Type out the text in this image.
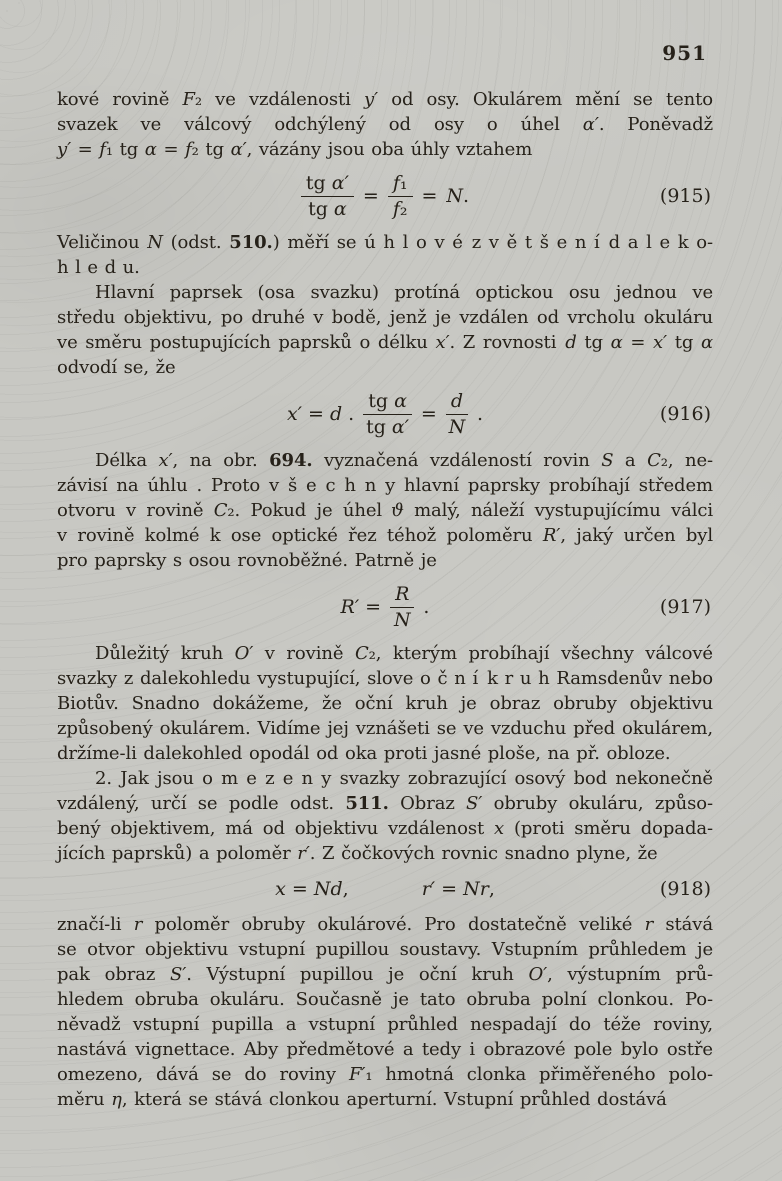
951
kové rovině F₂ ve vzdálenosti y′ od osy. Okulárem mění se tento
svazek ve válcový odchýlený od osy o úhel α′. Poněvadž
y′ = f₁ tg α = f₂ tg α′, vázány jsou oba úhly vztahem
$\frac{\text{tg α′}}{\text{tg α}} = \frac{\text{f₁}}{\text{f₂}} = N$.	(915)
Veličinou N (odst. 510.) měří se ú h l o v é z v ě t š e n í d a l e k o-
h l e d u.
Hlavní paprsek (osa svazku) protíná optickou osu jednou ve
středu objektivu, po druhé v bodě, jenž je vzdálen od vrcholu okuláru
ve směru postupujících paprsků o délku x′. Z rovnosti d tg α = x′ tg α
odvodí se, že
x′ = d . $\frac{\text{tg α}}{\text{tg α′}} = \frac{d}{N}$ .	(916)
Délka x′, na obr. 694. vyznačená vzdáleností rovin S a C₂, ne-
závisí na úhlu . Proto v š e c h n y hlavní paprsky probíhají středem
otvoru v rovině C₂. Pokud je úhel ϑ malý, náleží vystupujícímu válci
v rovině kolmé k ose optické řez téhož poloměru R′, jaký určen byl
pro paprsky s osou rovnoběžné. Patrně je
$R' = \frac{R}{N}$ .	(917)
Důležitý kruh O′ v rovině C₂, kterým probíhají všechny válcové
svazky z dalekohledu vystupující, slove o č n í k r u h Ramsdenův nebo
Biotův. Snadno dokážeme, že oční kruh je obraz obruby objektivu
způsobený okulárem. Vidíme jej vznášeti se ve vzduchu před okulárem,
držíme-li dalekohled opodál od oka proti jasné ploše, na př. obloze.
2. Jak jsou o m e z e n y svazky zobrazující osový bod nekonečně
vzdálený, určí se podle odst. 511. Obraz S′ obruby okuláru, způso-
bený objektivem, má od objektivu vzdálenost x (proti směru dopada-
jících paprsků) a poloměr r′. Z čočkových rovnic snadno plyne, že
x = Nd,	r′ = Nr,	(918)
značí-li r poloměr obruby okulárové. Pro dostatečně veliké r stává
se otvor objektivu vstupní pupillou soustavy. Vstupním průhledem je
pak obraz S′. Výstupní pupillou je oční kruh O′, výstupním prů-
hledem obruba okuláru. Současně je tato obruba polní clonkou. Po-
něvadž vstupní pupilla a vstupní průhled nespadají do téže roviny,
nastává vignettace. Aby předmětové a tedy i obrazové pole bylo ostře
omezeno, dává se do roviny F′₁ hmotná clonka přiměřeného polo-
měru η, která se stává clonkou aperturní. Vstupní průhled dostává
